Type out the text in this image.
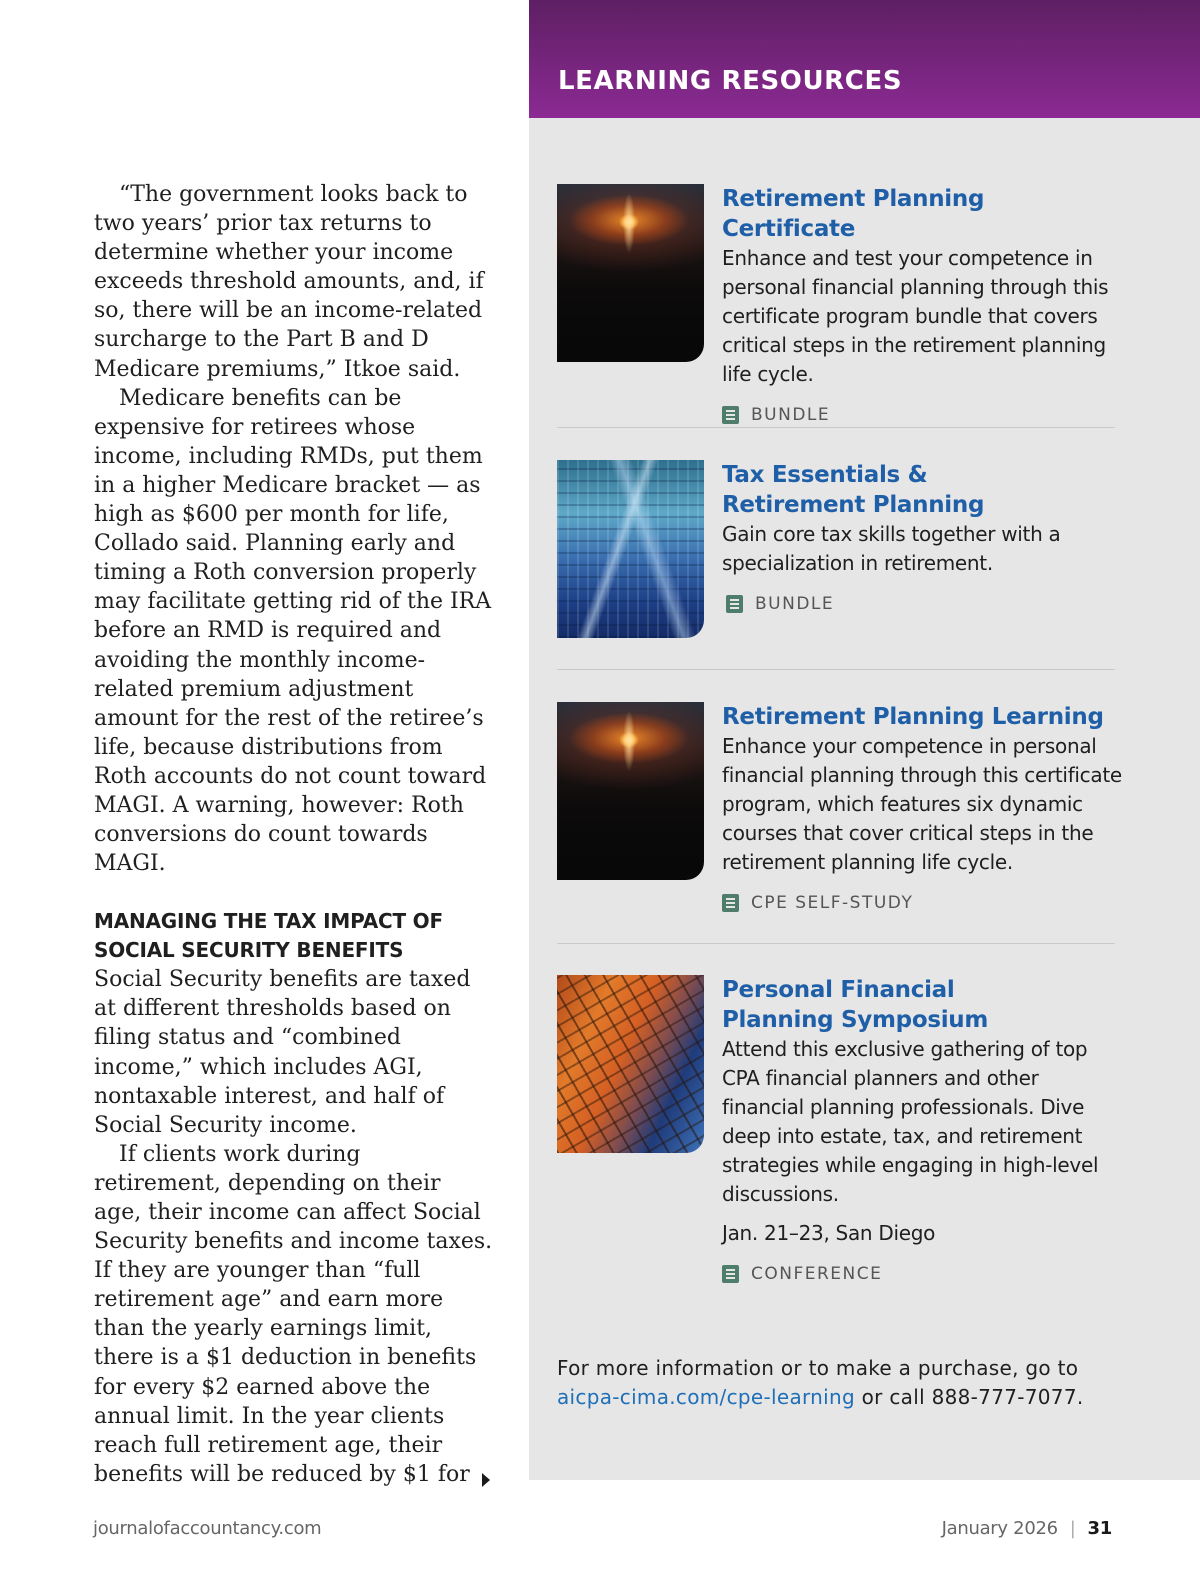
“The government looks back to two years’ prior tax returns to determine whether your income exceeds threshold amounts, and, if so, there will be an income-related surcharge to the Part B and D Medicare premiums,” Itkoe said.

Medicare benefits can be expensive for retirees whose income, including RMDs, put them in a higher Medicare bracket — as high as $600 per month for life, Collado said. Planning early and timing a Roth conversion properly may facilitate getting rid of the IRA before an RMD is required and avoiding the monthly income-related premium adjustment amount for the rest of the retiree’s life, because distributions from Roth accounts do not count toward MAGI. A warning, however: Roth conversions do count towards MAGI.

MANAGING THE TAX IMPACT OF SOCIAL SECURITY BENEFITS

Social Security benefits are taxed at different thresholds based on filing status and “combined income,” which includes AGI, nontaxable interest, and half of Social Security income.

If clients work during retirement, depending on their age, their income can affect Social Security benefits and income taxes. If they are younger than “full retirement age” and earn more than the yearly earnings limit, there is a $1 deduction in benefits for every $2 earned above the annual limit. In the year clients reach full retirement age, their benefits will be reduced by $1 for

LEARNING RESOURCES

Retirement Planning Certificate

Enhance and test your competence in personal financial planning through this certificate program bundle that covers critical steps in the retirement planning life cycle.

BUNDLE

Tax Essentials & Retirement Planning

Gain core tax skills together with a specialization in retirement.

BUNDLE

Retirement Planning Learning

Enhance your competence in personal financial planning through this certificate program, which features six dynamic courses that cover critical steps in the retirement planning life cycle.

CPE SELF-STUDY

Personal Financial Planning Symposium

Attend this exclusive gathering of top CPA financial planners and other financial planning professionals. Dive deep into estate, tax, and retirement strategies while engaging in high-level discussions.

Jan. 21–23, San Diego
CONFERENCE
For more information or to make a purchase, go to
aicpa-cima.com/cpe-learning or call 888-777-7077.
journalofaccountancy.com	January 2026 | 31
